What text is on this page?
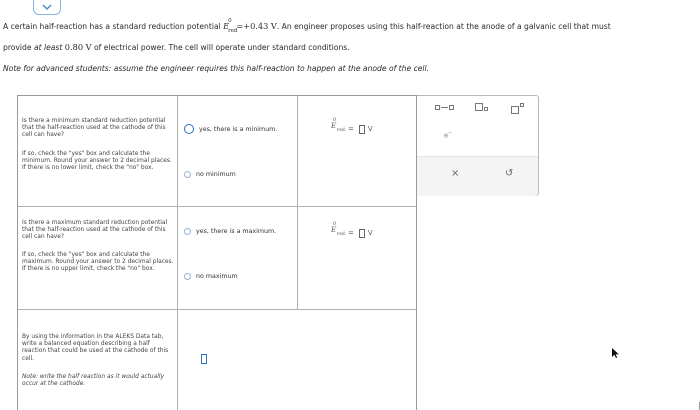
A certain half-reaction has a standard reduction potential E 0
red
=+0.43 V. An engineer proposes using this half-reaction at the anode of a galvanic cell that must
provide at least 0.80 V of electrical power. The cell will operate under standard conditions.
Note for advanced students: assume the engineer requires this half-reaction to happen at the anode of the cell.
Is there a minimum standard reduction potential that the half-reaction used at the cathode of this cell can have?
If so, check the "yes" box and calculate the minimum. Round your answer to 2 decimal places. If there is no lower limit, check the "no" box.
yes, there is a minimum.
no minimum
0
E
red = V
Is there a maximum standard reduction potential that the half-reaction used at the cathode of this cell can have?
If so, check the "yes" box and calculate the maximum. Round your answer to 2 decimal places. If there is no upper limit, check the "no" box.
yes, there is a maximum.
no maximum
0
E
red = V
By using the information in the ALEKS Data tab, write a balanced equation describing a half reaction that could be used at the cathode of this cell.
Note: write the half reaction as it would actually occur at the cathode.
e−
×	↺
